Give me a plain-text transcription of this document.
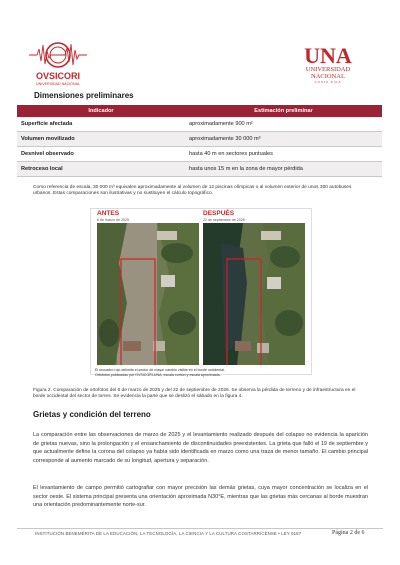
OVSICORI
UNIVERSIDAD NACIONAL
UNA
UNIVERSIDAD
NACIONAL
COSTA RICA
Dimensiones preliminares
Indicador	Estimación preliminar
Superficie afectada	aproximadamente 900 m²
Volumen movilizado	aproximadamente 30 000 m³
Desnivel observado	hasta 40 m en sectores puntuales
Retroceso local	hasta unos 15 m en la zona de mayor pérdida
Como referencia de escala, 30 000 m³ equivalen aproximadamente al volumen de 12 piscinas olímpicas o al volumen exterior de unos 300 autobuses urbanos. Estas comparaciones son ilustrativas y no sustituyen el cálculo topográfico.
ANTES
6 de marzo de 2025
DESPUÉS
22 de septiembre de 2026
El recuadro rojo delimita el sector de mayor cambio visible en el borde occidental.
Ortofotos publicadas por OVSICORI-UNA; escala común y escala aproximada.
Figura 2. Comparación de ortofotos del 6 de marzo de 2025 y del 22 de septiembre de 2026. Se observa la pérdida de terreno y de infraestructura en el borde occidental del sector de torres. Se evidencia la parte que se deslizó el sábado en la figura 4.
Grietas y condición del terreno
La comparación entre las observaciones de marzo de 2025 y el levantamiento realizado después del colapso no evidencia la aparición de grietas nuevas, sino la prolongación y el ensanchamiento de discontinuidades preexistentes. La grieta que falló el 19 de septiembre y que actualmente define la corona del colapso ya había sido identificada en marzo como una traza de menor tamaño. El cambio principal corresponde al aumento marcado de su longitud, apertura y separación.
El levantamiento de campo permitió cartografiar con mayor precisión las demás grietas, cuya mayor concentración se localiza en el sector oeste. El sistema principal presenta una orientación aproximada N30°E, mientras que las grietas más cercanas al borde muestran una orientación predominantemente norte-sur.
INSTITUCIÓN BENEMÉRITA DE LA EDUCACIÓN, LA TECNOLOGÍA, LA CIENCIA Y LA CULTURA COSTARRICENSE • LEY 9187	Página 2 de 6
